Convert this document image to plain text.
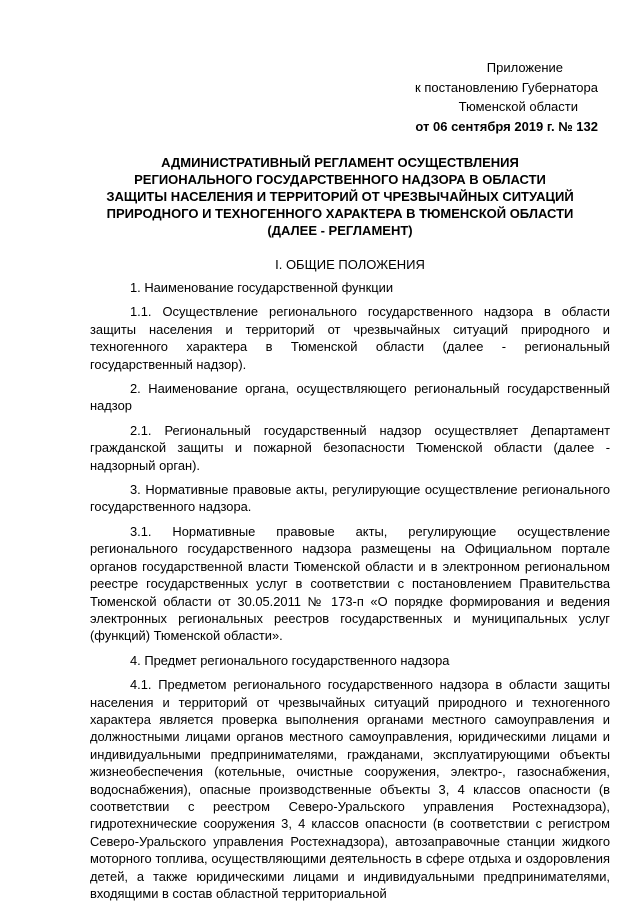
Приложение
к постановлению Губернатора
Тюменской области
от 06 сентября 2019 г. № 132
АДМИНИСТРАТИВНЫЙ РЕГЛАМЕНТ ОСУЩЕСТВЛЕНИЯ
РЕГИОНАЛЬНОГО ГОСУДАРСТВЕННОГО НАДЗОРА В ОБЛАСТИ
ЗАЩИТЫ НАСЕЛЕНИЯ И ТЕРРИТОРИЙ ОТ ЧРЕЗВЫЧАЙНЫХ СИТУАЦИЙ
ПРИРОДНОГО И ТЕХНОГЕННОГО ХАРАКТЕРА В ТЮМЕНСКОЙ ОБЛАСТИ
(ДАЛЕЕ - РЕГЛАМЕНТ)
I. ОБЩИЕ ПОЛОЖЕНИЯ

1. Наименование государственной функции

1.1. Осуществление регионального государственного надзора в области защиты населения и территорий от чрезвычайных ситуаций природного и техногенного характера в Тюменской области (далее - региональный государственный надзор).

2. Наименование органа, осуществляющего региональный государственный надзор

2.1. Региональный государственный надзор осуществляет Департамент гражданской защиты и пожарной безопасности Тюменской области (далее - надзорный орган).

3. Нормативные правовые акты, регулирующие осуществление регионального государственного надзора.

3.1. Нормативные правовые акты, регулирующие осуществление регионального государственного надзора размещены на Официальном портале органов государственной власти Тюменской области и в электронном региональном реестре государственных услуг в соответствии с постановлением Правительства Тюменской области от 30.05.2011 № 173-п «О порядке формирования и ведения электронных региональных реестров государственных и муниципальных услуг (функций) Тюменской области».

4. Предмет регионального государственного надзора

4.1. Предметом регионального государственного надзора в области защиты населения и территорий от чрезвычайных ситуаций природного и техногенного характера является проверка выполнения органами местного самоуправления и должностными лицами органов местного самоуправления, юридическими лицами и индивидуальными предпринимателями, гражданами, эксплуатирующими объекты жизнеобеспечения (котельные, очистные сооружения, электро-, газоснабжения, водоснабжения), опасные производственные объекты 3, 4 классов опасности (в соответствии с реестром Северо-Уральского управления Ростехнадзора), гидротехнические сооружения 3, 4 классов опасности (в соответствии с регистром Северо-Уральского управления Ростехнадзора), автозаправочные станции жидкого моторного топлива, осуществляющими деятельность в сфере отдыха и оздоровления детей, а также юридическими лицами и индивидуальными предпринимателями, входящими в состав областной территориальной
